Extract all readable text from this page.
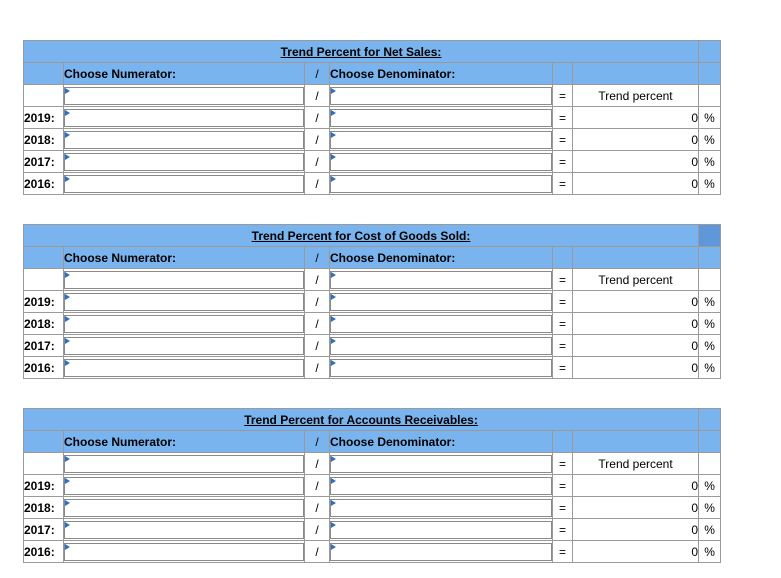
Trend Percent for Net Sales:						
	Choose Numerator:	/	Choose Denominator:			

	/		=	Trend percent	
2019:		/		=	0	%
2018:		/		=	0	%
2017:		/		=	0	%
2016:		/		=	0	%
Trend Percent for Cost of Goods Sold:						
	Choose Numerator:	/	Choose Denominator:			

	/		=	Trend percent	
2019:		/		=	0	%
2018:		/		=	0	%
2017:		/		=	0	%
2016:		/		=	0	%
Trend Percent for Accounts Receivables:						
	Choose Numerator:	/	Choose Denominator:			

	/		=	Trend percent	
2019:		/		=	0	%
2018:		/		=	0	%
2017:		/		=	0	%
2016:		/		=	0	%
